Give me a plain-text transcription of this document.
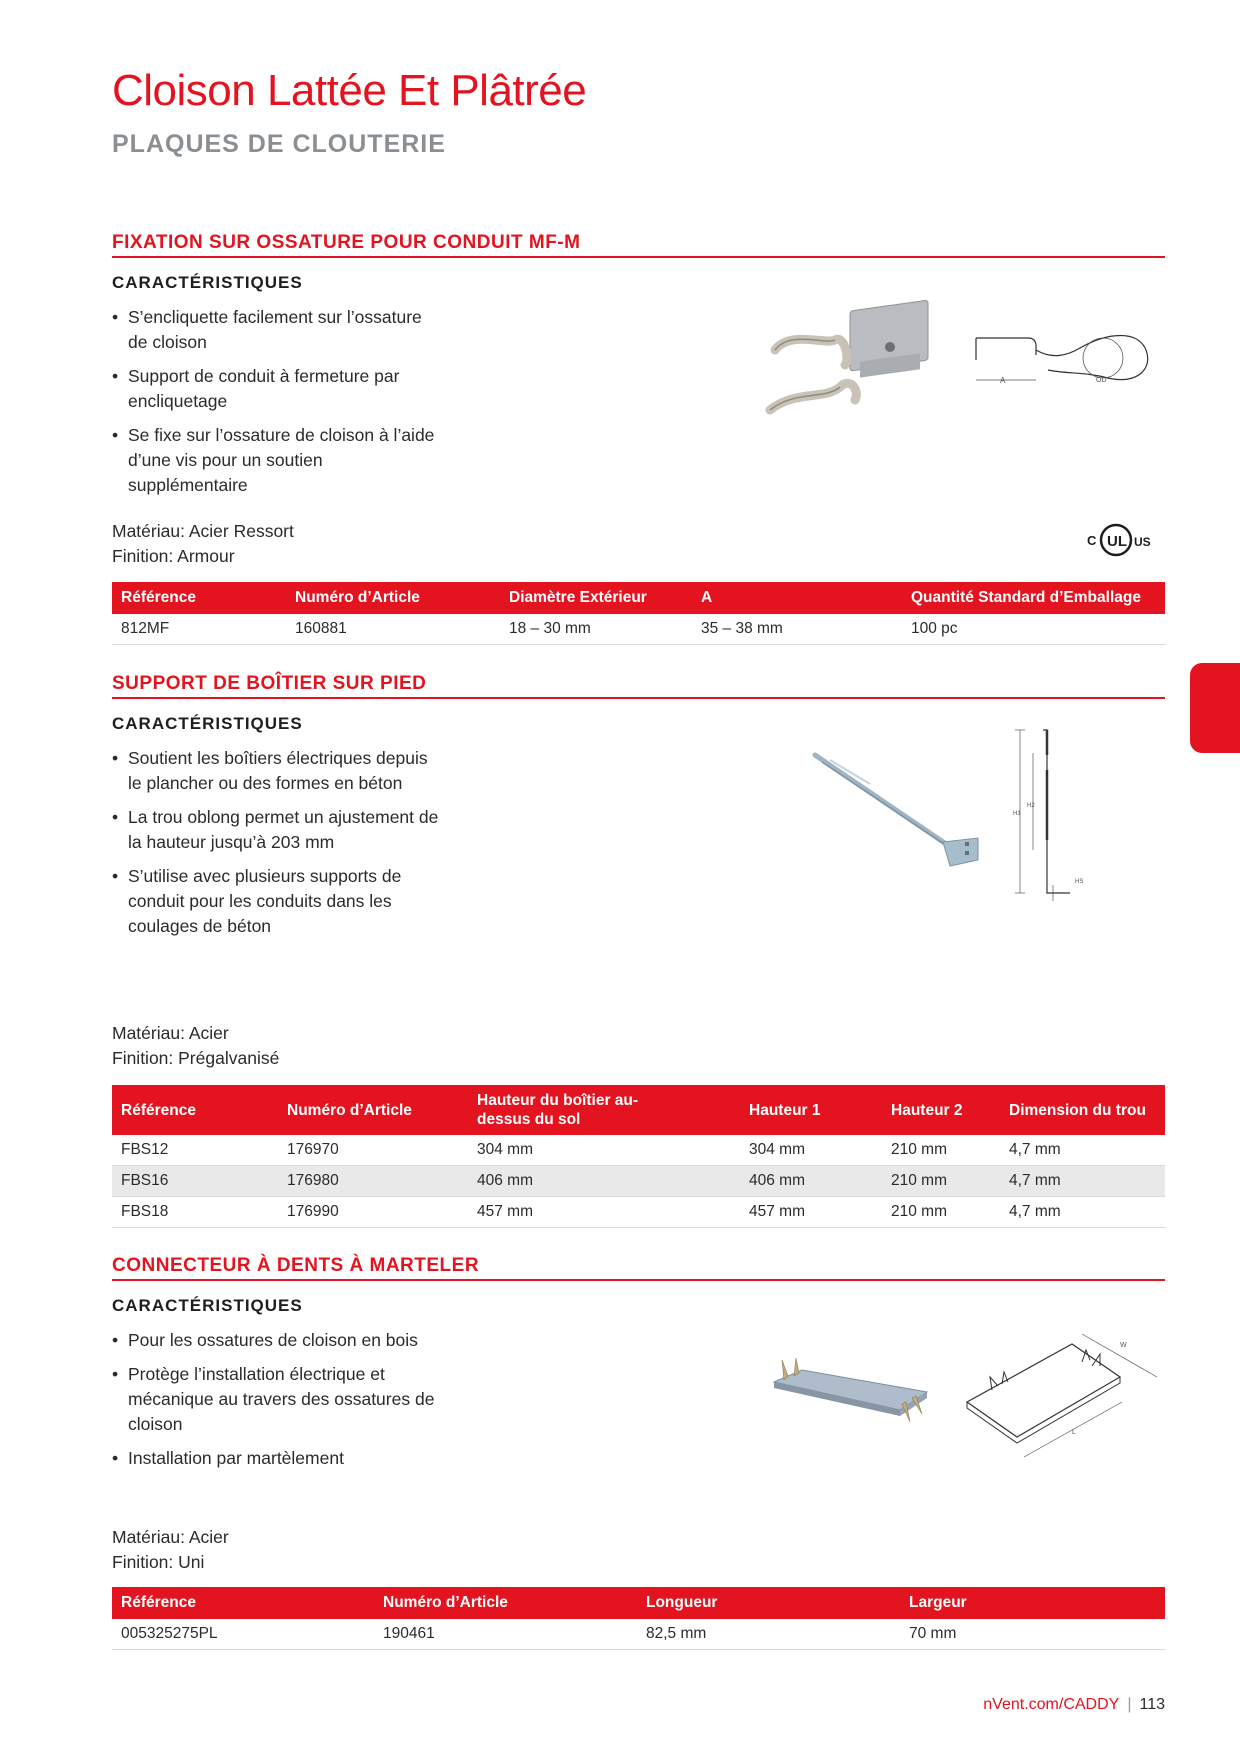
Cloison Lattée Et Plâtrée
PLAQUES DE CLOUTERIE
FIXATION SUR OSSATURE POUR CONDUIT MF-M
CARACTÉRISTIQUES
• S’encliquette facilement sur l’ossature de cloison
• Support de conduit à fermeture par encliquetage
• Se fixe sur l’ossature de cloison à l’aide d’une vis pour un soutien supplémentaire
Matériau: Acier Ressort
Finition: Armour
A	OD
C UL US
Référence	Numéro d’Article	Diamètre Extérieur	A	Quantité Standard d’Emballage
812MF	160881	18 – 30 mm	35 – 38 mm	100 pc
SUPPORT DE BOÎTIER SUR PIED
CARACTÉRISTIQUES
• Soutient les boîtiers électriques depuis le plancher ou des formes en béton
• La trou oblong permet un ajustement de la hauteur jusqu’à 203 mm
• S’utilise avec plusieurs supports de conduit pour les conduits dans les coulages de béton
Matériau: Acier
Finition: Prégalvanisé
H1
H2
HS
Référence	Numéro d’Article	Hauteur du boîtier au-dessus du sol	Hauteur 1	Hauteur 2	Dimension du trou
FBS12	176970	304 mm	304 mm	210 mm	4,7 mm
FBS16	176980	406 mm	406 mm	210 mm	4,7 mm
FBS18	176990	457 mm	457 mm	210 mm	4,7 mm
CONNECTEUR À DENTS À MARTELER
CARACTÉRISTIQUES
• Pour les ossatures de cloison en bois
• Protège l’installation électrique et mécanique au travers des ossatures de cloison
• Installation par martèlement
Matériau: Acier
Finition: Uni
W
L
Référence	Numéro d’Article	Longueur	Largeur
005325275PL	190461	82,5 mm	70 mm
nVent.com/CADDY | 113
